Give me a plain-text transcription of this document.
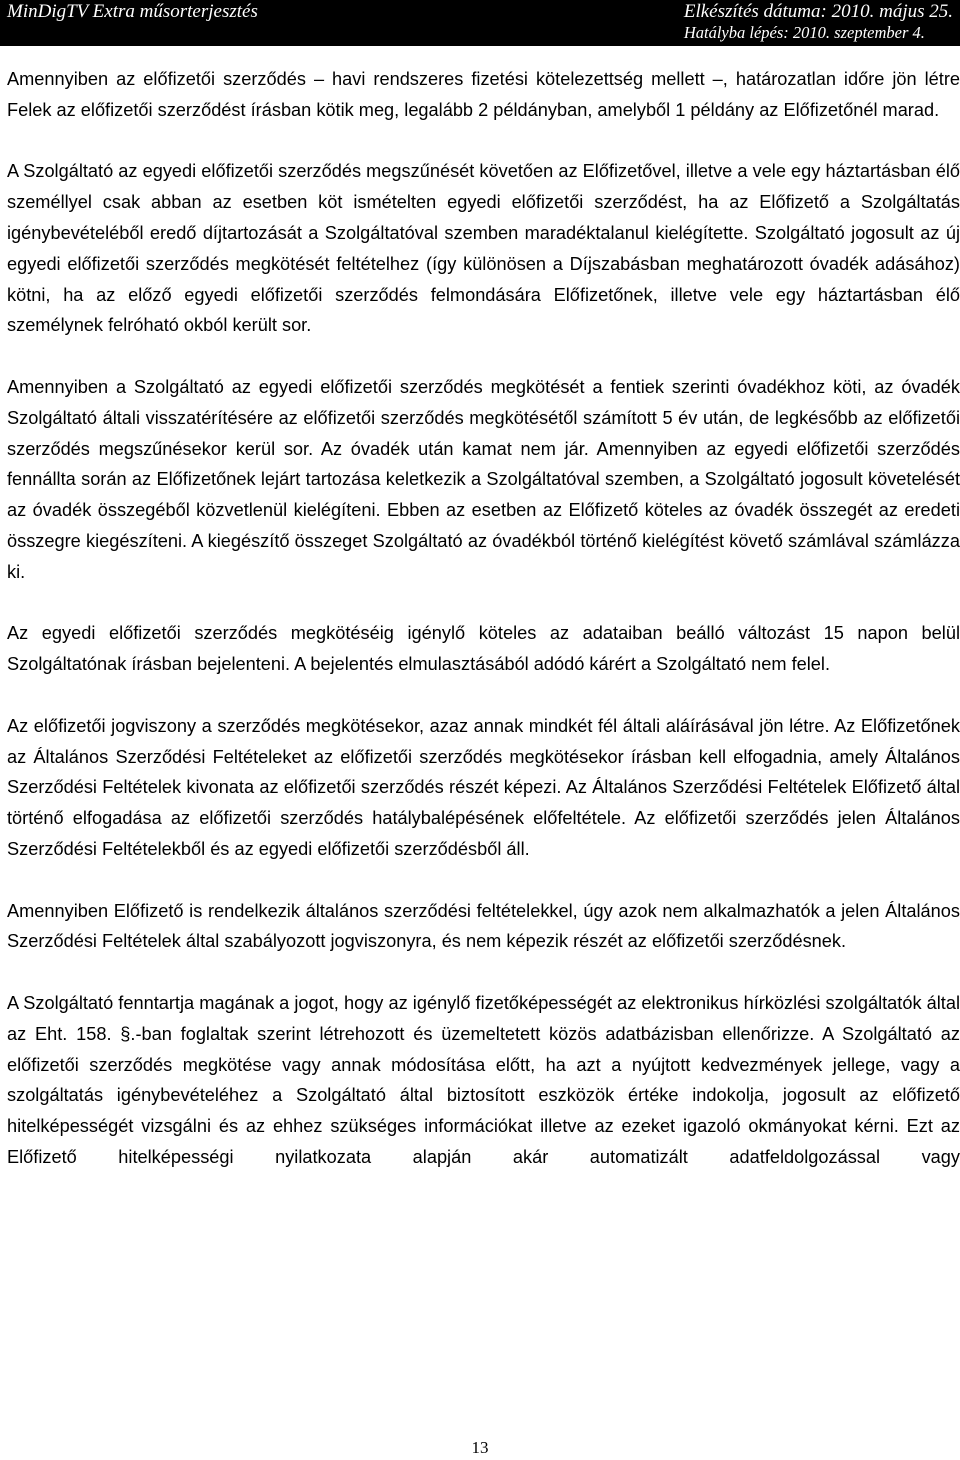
MinDigTV Extra műsorterjesztés	Elkészítés dátuma: 2010. május 25.
Hatályba lépés: 2010. szeptember 4.

Amennyiben az előfizetői szerződés – havi rendszeres fizetési kötelezettség mellett –, határozatlan időre jön létre Felek az előfizetői szerződést írásban kötik meg, legalább 2 példányban, amelyből 1 példány az Előfizetőnél marad.

A Szolgáltató az egyedi előfizetői szerződés megszűnését követően az Előfizetővel, illetve a vele egy háztartásban élő személlyel csak abban az esetben köt ismételten egyedi előfizetői szerződést, ha az Előfizető a Szolgáltatás igénybevételéből eredő díjtartozását a Szolgáltatóval szemben maradéktalanul kielégítette. Szolgáltató jogosult az új egyedi előfizetői szerződés megkötését feltételhez (így különösen a Díjszabásban meghatározott óvadék adásához) kötni, ha az előző egyedi előfizetői szerződés felmondására Előfizetőnek, illetve vele egy háztartásban élő személynek felróható okból került sor.

Amennyiben a Szolgáltató az egyedi előfizetői szerződés megkötését a fentiek szerinti óvadékhoz köti, az óvadék Szolgáltató általi visszatérítésére az előfizetői szerződés megkötésétől számított 5 év után, de legkésőbb az előfizetői szerződés megszűnésekor kerül sor. Az óvadék után kamat nem jár. Amennyiben az egyedi előfizetői szerződés fennállta során az Előfizetőnek lejárt tartozása keletkezik a Szolgáltatóval szemben, a Szolgáltató jogosult követelését az óvadék összegéből közvetlenül kielégíteni. Ebben az esetben az Előfizető köteles az óvadék összegét az eredeti összegre kiegészíteni. A kiegészítő összeget Szolgáltató az óvadékból történő kielégítést követő számlával számlázza ki.

Az egyedi előfizetői szerződés megkötéséig igénylő köteles az adataiban beálló változást 15 napon belül Szolgáltatónak írásban bejelenteni. A bejelentés elmulasztásából adódó kárért a Szolgáltató nem felel.

Az előfizetői jogviszony a szerződés megkötésekor, azaz annak mindkét fél általi aláírásával jön létre. Az Előfizetőnek az Általános Szerződési Feltételeket az előfizetői szerződés megkötésekor írásban kell elfogadnia, amely Általános Szerződési Feltételek kivonata az előfizetői szerződés részét képezi. Az Általános Szerződési Feltételek Előfizető által történő elfogadása az előfizetői szerződés hatálybalépésének előfeltétele. Az előfizetői szerződés jelen Általános Szerződési Feltételekből és az egyedi előfizetői szerződésből áll.

Amennyiben Előfizető is rendelkezik általános szerződési feltételekkel, úgy azok nem alkalmazhatók a jelen Általános Szerződési Feltételek által szabályozott jogviszonyra, és nem képezik részét az előfizetői szerződésnek.

A Szolgáltató fenntartja magának a jogot, hogy az igénylő fizetőképességét az elektronikus hírközlési szolgáltatók által az Eht. 158. §.-ban foglaltak szerint létrehozott és üzemeltetett közös adatbázisban ellenőrizze. A Szolgáltató az előfizetői szerződés megkötése vagy annak módosítása előtt, ha azt a nyújtott kedvezmények jellege, vagy a szolgáltatás igénybevételéhez a Szolgáltató által biztosított eszközök értéke indokolja, jogosult az előfizető hitelképességét vizsgálni és az ehhez szükséges információkat illetve az ezeket igazoló okmányokat kérni. Ezt az Előfizető hitelképességi nyilatkozata alapján akár automatizált adatfeldolgozással vagy

13
